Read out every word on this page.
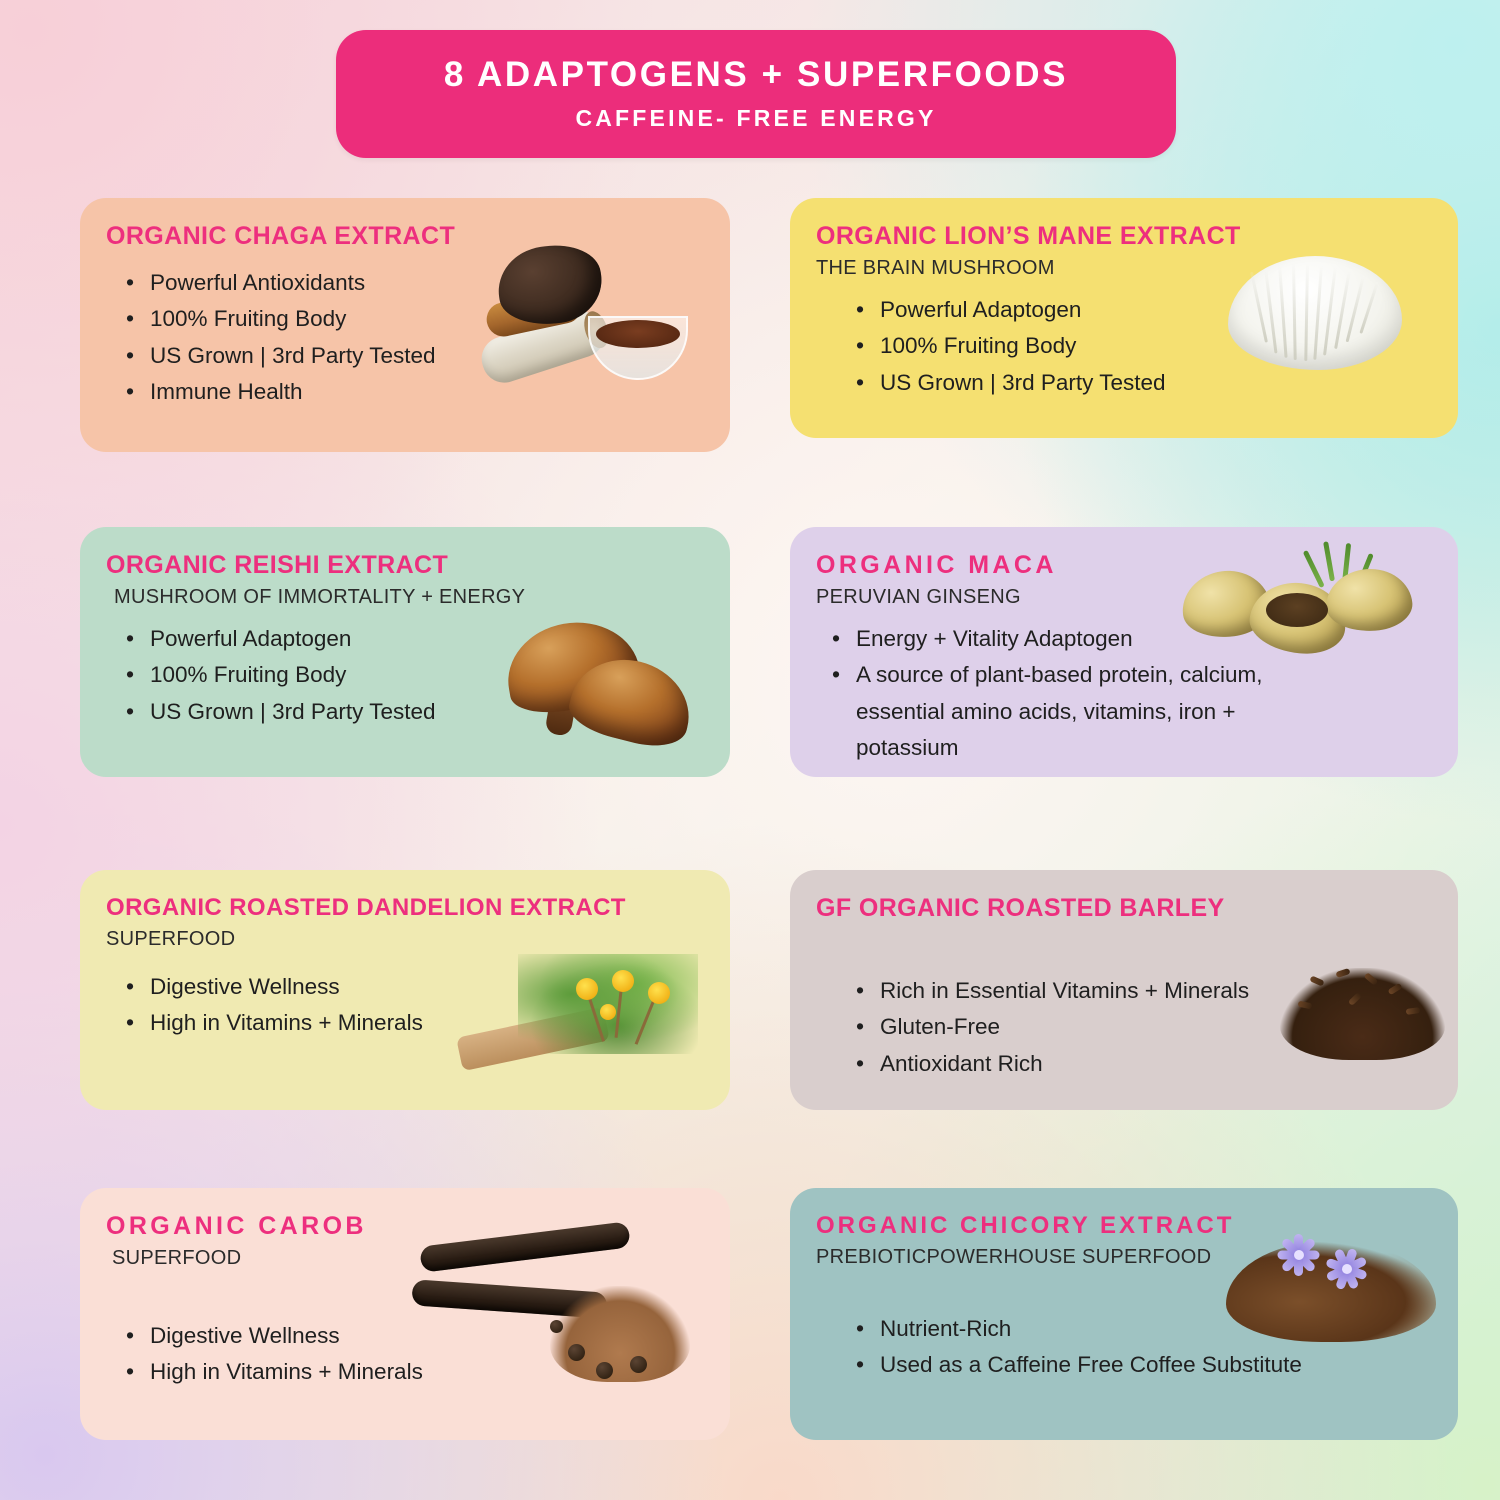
8 ADAPTOGENS + SUPERFOODS
CAFFEINE- FREE ENERGY
ORGANIC CHAGA EXTRACT
• Powerful Antioxidants
• 100% Fruiting Body
• US Grown | 3rd Party Tested
• Immune Health
ORGANIC LION’S MANE EXTRACT
THE BRAIN MUSHROOM
• Powerful Adaptogen
• 100% Fruiting Body
• US Grown | 3rd Party Tested
ORGANIC REISHI EXTRACT
MUSHROOM OF IMMORTALITY + ENERGY
• Powerful Adaptogen
• 100% Fruiting Body
• US Grown | 3rd Party Tested
ORGANIC MACA
PERUVIAN GINSENG
• Energy + Vitality Adaptogen
• A source of plant-based protein, calcium, essential amino acids, vitamins, iron + potassium
ORGANIC ROASTED DANDELION EXTRACT
SUPERFOOD
• Digestive Wellness
• High in Vitamins + Minerals
GF ORGANIC ROASTED BARLEY
• Rich in Essential Vitamins + Minerals
• Gluten-Free
• Antioxidant Rich
ORGANIC CAROB
SUPERFOOD
• Digestive Wellness
• High in Vitamins + Minerals
ORGANIC CHICORY EXTRACT
PREBIOTICPOWERHOUSE SUPERFOOD
• Nutrient-Rich
• Used as a Caffeine Free Coffee Substitute
